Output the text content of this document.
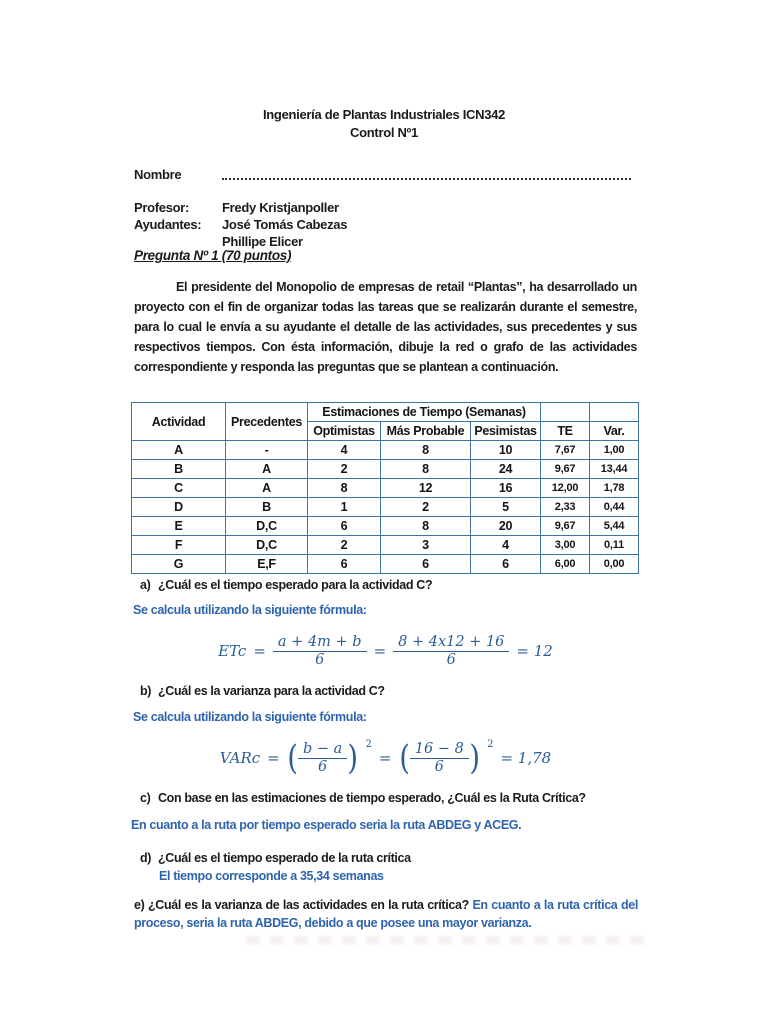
Ingeniería de Plantas Industriales ICN342
Control Nº1
Nombre
Profesor:	Fredy Kristjanpoller
Ayudantes:	José Tomás Cabezas
Phillipe Elicer
Pregunta Nº 1 (70 puntos)
El presidente del Monopolio de empresas de retail “Plantas”, ha desarrollado un proyecto con el fin de organizar todas las tareas que se realizarán durante el semestre, para lo cual le envía a su ayudante el detalle de las actividades, sus precedentes y sus respectivos tiempos. Con ésta información, dibuje la red o grafo de las actividades correspondiente y responda las preguntas que se plantean a continuación.
Actividad	Precedentes	Estimaciones de Tiempo (Semanas)				
		Optimistas	Más Probable	Pesimistas	TE	Var.
A	-	4	8	10	7,67	1,00
B	A	2	8	24	9,67	13,44
C	A	8	12	16	12,00	1,78
D	B	1	2	5	2,33	0,44
E	D,C	6	8	20	9,67	5,44
F	D,C	2	3	4	3,00	0,11
G	E,F	6	6	6	6,00	0,00
a) ¿Cuál es el tiempo esperado para la actividad C?
Se calcula utilizando la siguiente fórmula:
ETc = $\frac{a + 4m + b}{6} = \frac{8 + 4x12 + 16}{6} = 12$
b) ¿Cuál es la varianza para la actividad C?
Se calcula utilizando la siguiente fórmula:
VARc = ( $\frac{b - a}{6}$ ) 2
= ( $\frac{16 - 8}{6}$ ) 2
= 1,78
c) Con base en las estimaciones de tiempo esperado, ¿Cuál es la Ruta Crítica?
En cuanto a la ruta por tiempo esperado seria la ruta ABDEG y ACEG.
d) ¿Cuál es el tiempo esperado de la ruta crítica
El tiempo corresponde a 35,34 semanas
e) ¿Cuál es la varianza de las actividades en la ruta crítica? En cuanto a la ruta crítica del proceso, seria la ruta ABDEG, debido a que posee una mayor varianza.
